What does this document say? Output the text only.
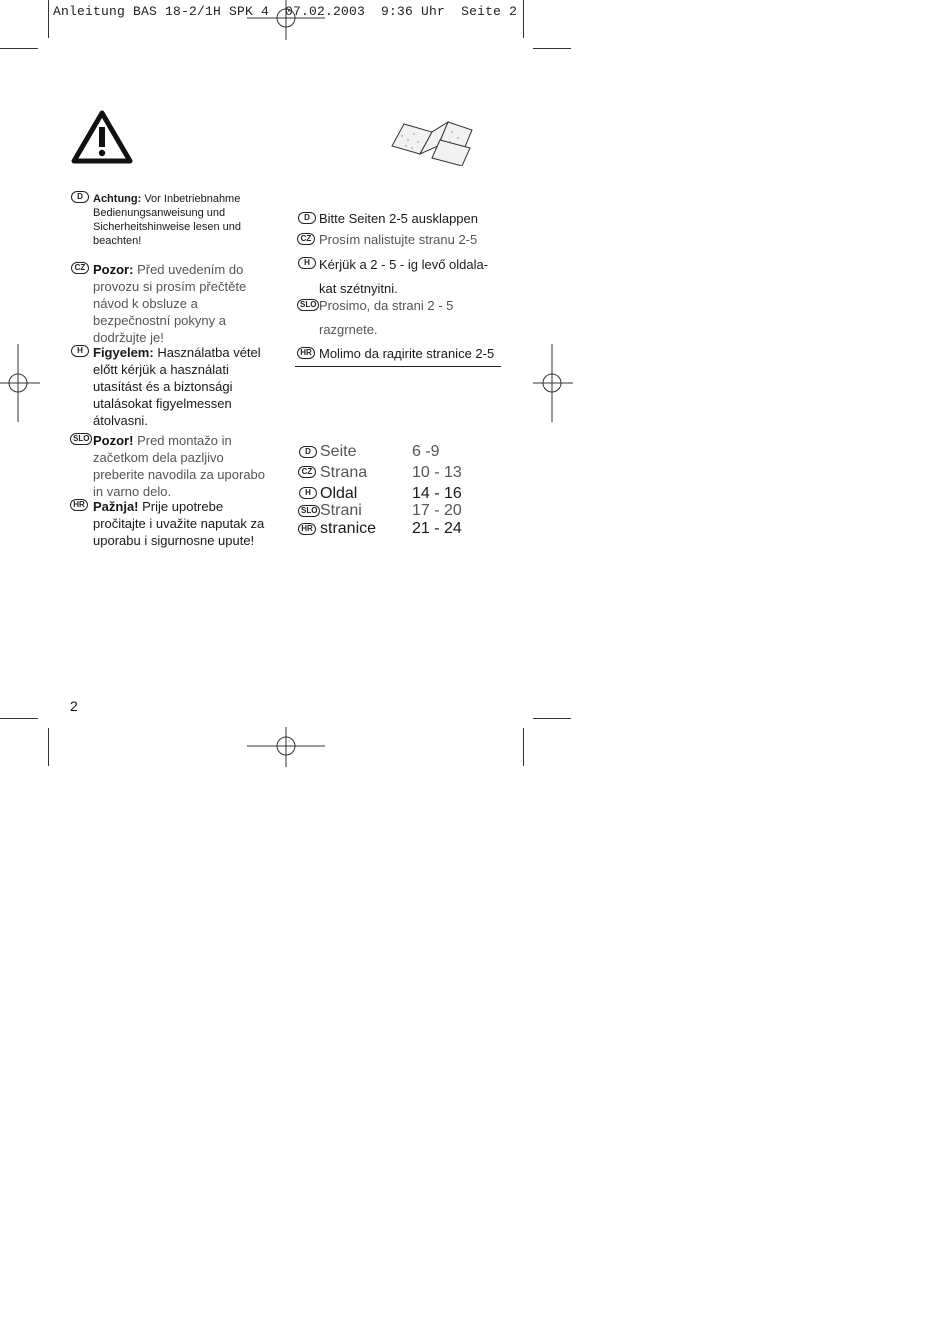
Anleitung BAS 18-2/1H SPK 4  07.02.2003  9:36 Uhr  Seite 2
D Achtung: Vor Inbetriebnahme Bedienungsanweisung und Sicherheitshinweise lesen und beachten!

CZ Pozor: Před uvedením do provozu si prosím přečtěte návod k obsluze a bezpečnostní pokyny a dodržujte je!

H Figyelem: Használatba vétel előtt kérjük a használati utasítást és a biztonsági utalásokat figyelmessen átolvasni.

SLO Pozor! Pred montažo in začetkom dela pazljivo preberite navodila za uporabo in varno delo.

HR Pažnja! Prije upotrebe pročitajte i uvažite naputak za uporabu i sigurnosne upute!

D Bitte Seiten 2-5 ausklappen
CZ Prosím nalistujte stranu 2-5
H Kérjük a 2 - 5 - ig levő oldala-
kat szétnyitni.
SLO Prosimo, da strani 2 - 5
razgrnete.
HR Molimo da raдirite stranice 2-5
D Seite	6 -9
CZ Strana	10 - 13
H Oldal	14 - 16
SLO Strani	17 - 20
HR stranice 21 - 24
2
